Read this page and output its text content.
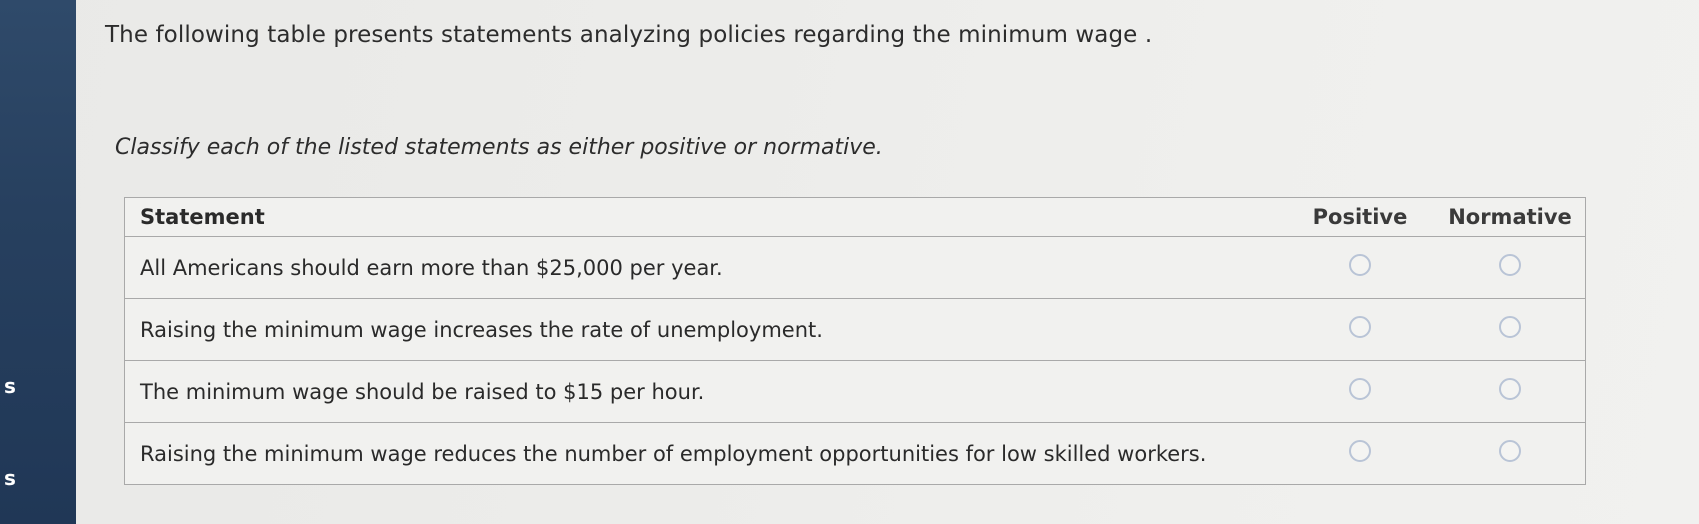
s
s
The following table presents statements analyzing policies regarding the minimum wage .
Classify each of the listed statements as either positive or normative.
Statement	Positive	Normative
All Americans should earn more than $25,000 per year.
Raising the minimum wage increases the rate of unemployment.
The minimum wage should be raised to $15 per hour.
Raising the minimum wage reduces the number of employment opportunities for low skilled workers.
